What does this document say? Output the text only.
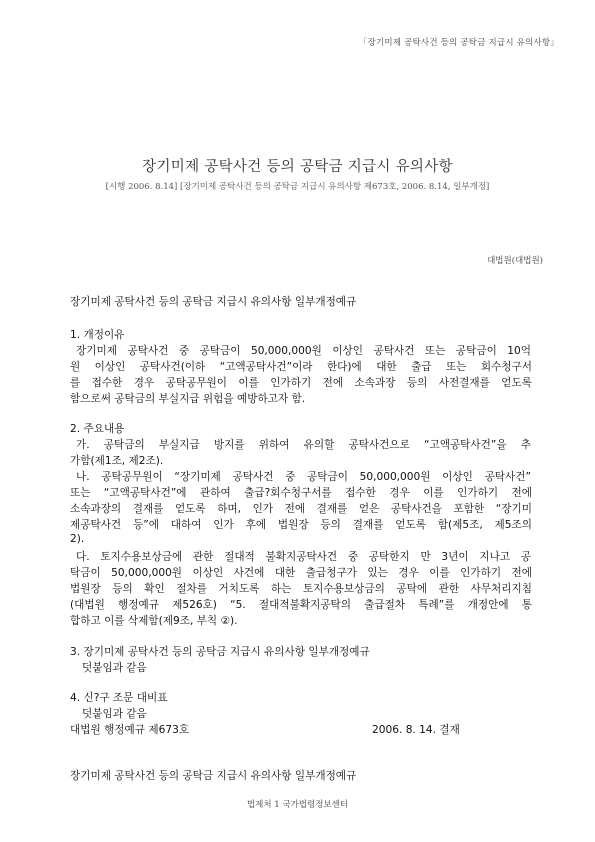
「장기미제 공탁사건 등의 공탁금 지급시 유의사항」

장기미제 공탁사건 등의 공탁금 지급시 유의사항

[시행 2006. 8.14] [장기미제 공탁사건 등의 공탁금 지급시 유의사항 제673호, 2006. 8.14, 일부개정]

대법원(대법원)

장기미제 공탁사건 등의 공탁금 지급시 유의사항 일부개정예규

1. 개정이유

장기미제 공탁사건 중 공탁금이 50,000,000원 이상인 공탁사건 또는 공탁금이 10억

원 이상인 공탁사건(이하 “고액공탁사건”이라 한다)에 대한 출급 또는 회수청구서

를 접수한 경우 공탁공무원이 이를 인가하기 전에 소속과장 등의 사전결재를 얻도록

함으로써 공탁금의 부실지급 위험을 예방하고자 함.

2. 주요내용

가. 공탁금의 부실지급 방지를 위하여 유의할 공탁사건으로 “고액공탁사건”을 추

가함(제1조, 제2조).

나. 공탁공무원이 “장기미제 공탁사건 중 공탁금이 50,000,000원 이상인 공탁사건”

또는 “고액공탁사건”에 관하여 출급?회수청구서를 접수한 경우 이를 인가하기 전에

소속과장의 결재를 얻도록 하며, 인가 전에 결재를 얻은 공탁사건을 포함한 “장기미

제공탁사건 등”에 대하여 인가 후에 법원장 등의 결재를 얻도록 함(제5조, 제5조의

2).

다. 토지수용보상금에 관한 절대적 불확지공탁사건 중 공탁한지 만 3년이 지나고 공

탁금이 50,000,000원 이상인 사건에 대한 출급청구가 있는 경우 이를 인가하기 전에

법원장 등의 확인 절차를 거치도록 하는 토지수용보상금의 공탁에 관한 사무처리지침

(대법원 행정예규 제526호) “5. 절대적불확지공탁의 출급절차 특례”를 개정안에 통

합하고 이를 삭제함(제9조, 부칙 ②).

3. 장기미제 공탁사건 등의 공탁금 지급시 유의사항 일부개정예규

덧붙임과 같음

4. 신?구 조문 대비표

덧붙임과 같음

대법원 행정예규 제673호	2006. 8. 14. 결재

장기미제 공탁사건 등의 공탁금 지급시 유의사항 일부개정예규

법제처 1 국가법령정보센터
